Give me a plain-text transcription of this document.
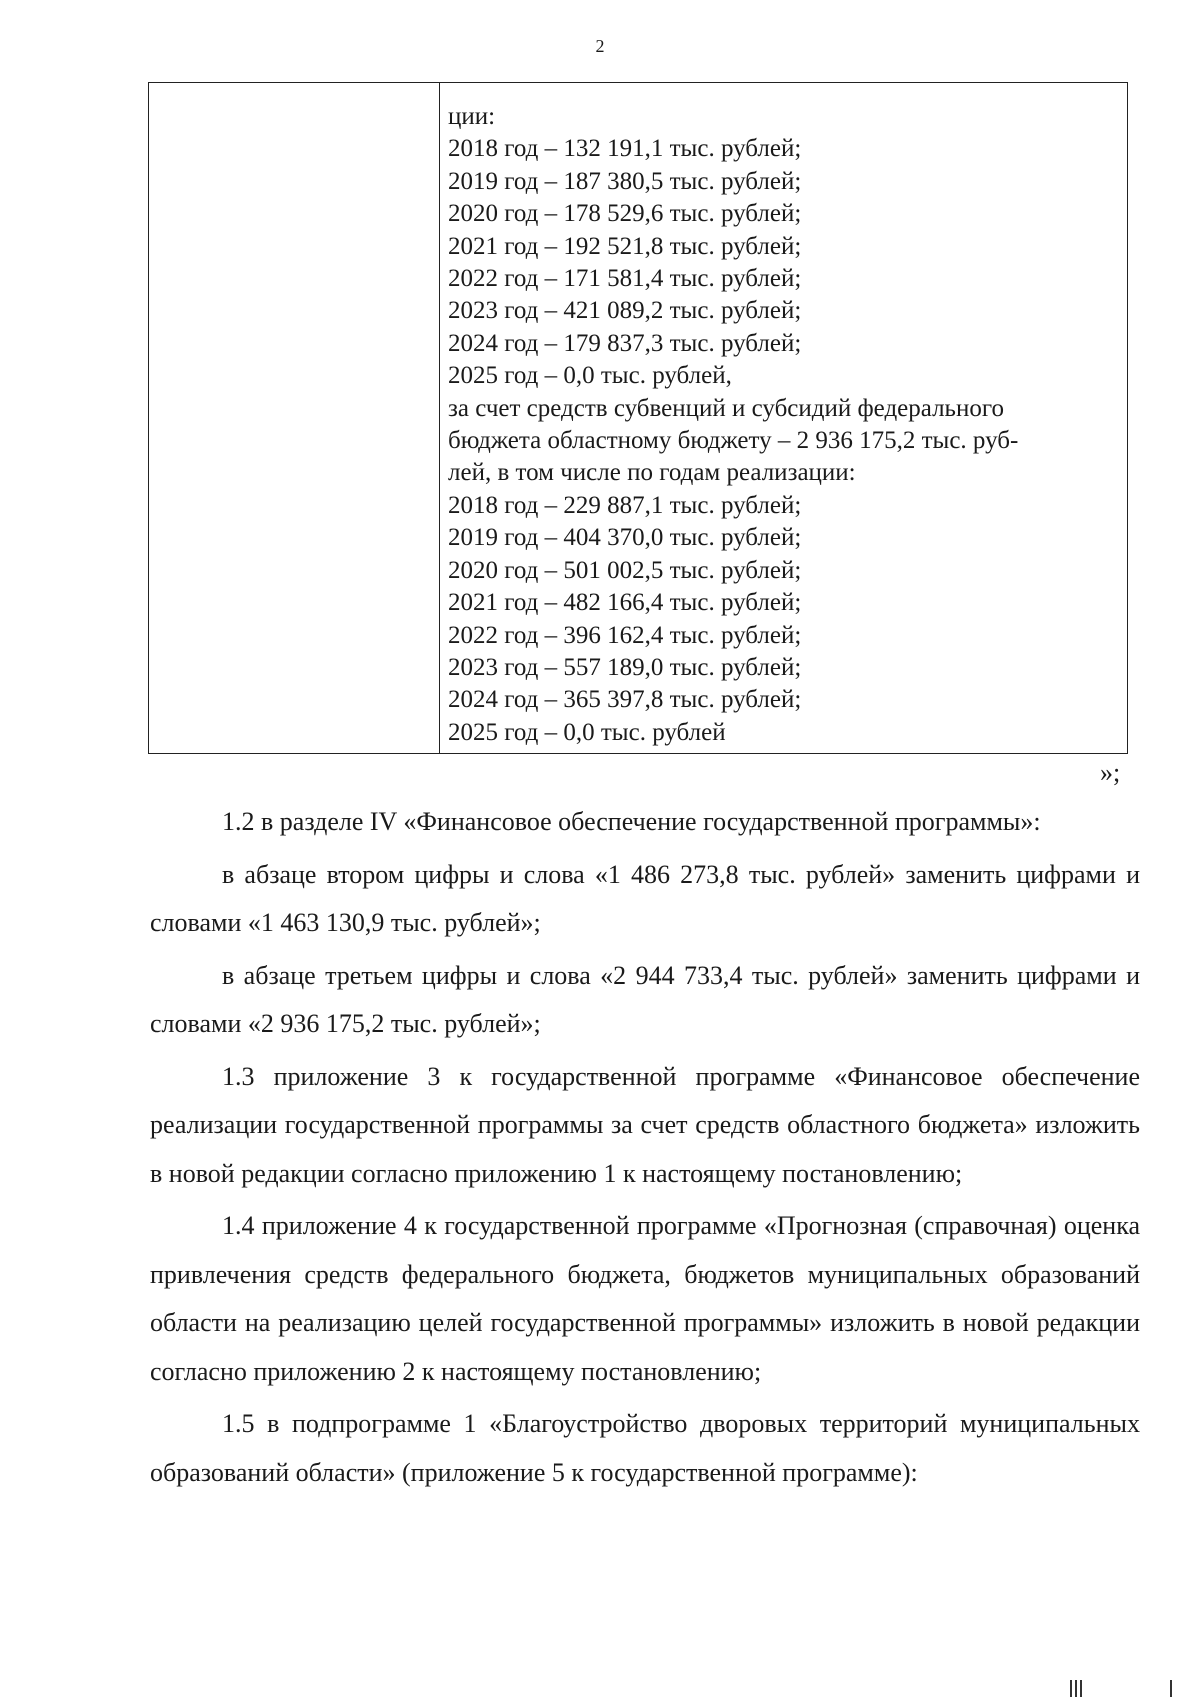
2
ции:
2018 год – 132 191,1 тыс. рублей;
2019 год – 187 380,5 тыс. рублей;
2020 год – 178 529,6 тыс. рублей;
2021 год – 192 521,8 тыс. рублей;
2022 год – 171 581,4 тыс. рублей;
2023 год – 421 089,2 тыс. рублей;
2024 год – 179 837,3 тыс. рублей;
2025 год – 0,0 тыс. рублей,
за счет средств субвенций и субсидий федерального
бюджета областному бюджету – 2 936 175,2 тыс. руб-
лей, в том числе по годам реализации:
2018 год – 229 887,1 тыс. рублей;
2019 год – 404 370,0 тыс. рублей;
2020 год – 501 002,5 тыс. рублей;
2021 год – 482 166,4 тыс. рублей;
2022 год – 396 162,4 тыс. рублей;
2023 год – 557 189,0 тыс. рублей;
2024 год – 365 397,8 тыс. рублей;
2025 год – 0,0 тыс. рублей
»;

1.2 в разделе IV «Финансовое обеспечение государственной программы»:

в абзаце втором цифры и слова «1 486 273,8 тыс. рублей» заменить цифрами и словами «1 463 130,9 тыс. рублей»;

в абзаце третьем цифры и слова «2 944 733,4 тыс. рублей» заменить цифрами и словами «2 936 175,2 тыс. рублей»;

1.3 приложение 3 к государственной программе «Финансовое обеспечение реализации государственной программы за счет средств областного бюджета» изложить в новой редакции согласно приложению 1 к настоящему постановлению;

1.4 приложение 4 к государственной программе «Прогнозная (справочная) оценка привлечения средств федерального бюджета, бюджетов муниципальных образований области на реализацию целей государственной программы» изложить в новой редакции согласно приложению 2 к настоящему постановлению;

1.5 в подпрограмме 1 «Благоустройство дворовых территорий муниципальных образований области» (приложение 5 к государственной программе):
